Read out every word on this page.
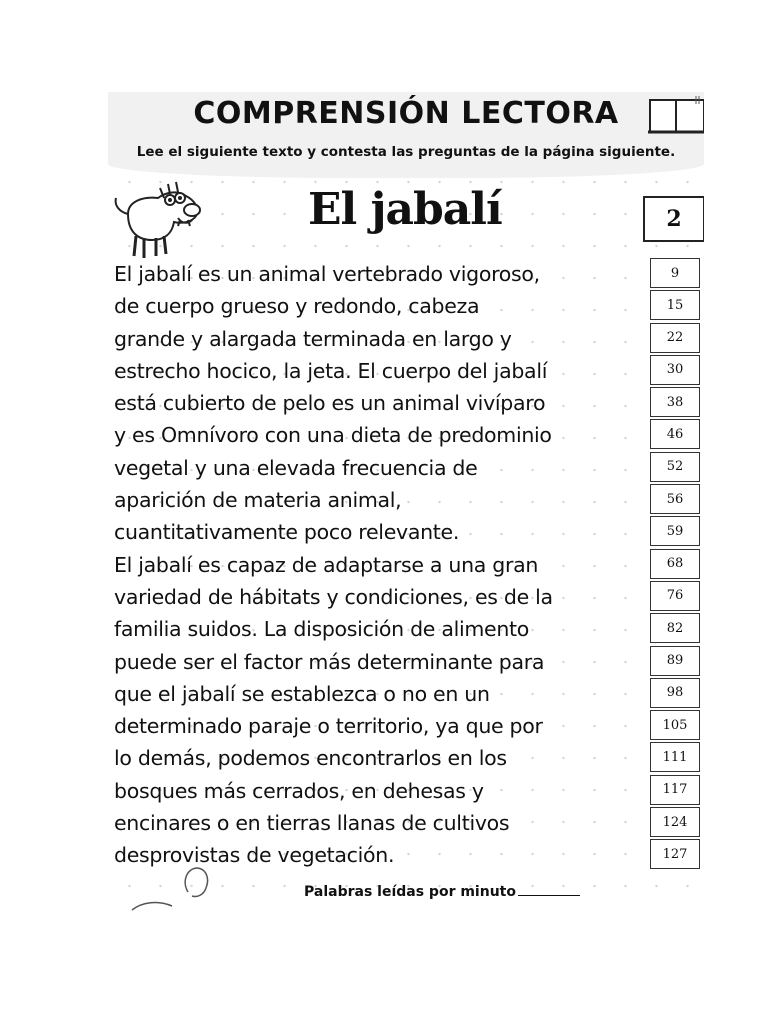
COMPRENSIÓN LECTORA
Lee el siguiente texto y contesta las preguntas de la página siguiente.
El jabalí	2
El jabalí es un animal vertebrado vigoroso,	9
de cuerpo grueso y redondo, cabeza	15
grande y alargada terminada en largo y	22
estrecho hocico, la jeta. El cuerpo del jabalí	30
está cubierto de pelo es un animal vivíparo	38
y es Omnívoro con una dieta de predominio	46
vegetal y una elevada frecuencia de	52
aparición de materia animal,	56
cuantitativamente poco relevante.	59
El jabalí es capaz de adaptarse a una gran	68
variedad de hábitats y condiciones, es de la	76
familia suidos. La disposición de alimento	82
puede ser el factor más determinante para	89
que el jabalí se establezca o no en un	98
determinado paraje o territorio, ya que por	105
lo demás, podemos encontrarlos en los	111
bosques más cerrados, en dehesas y	117
encinares o en tierras llanas de cultivos	124
desprovistas de vegetación.	127
Palabras leídas por minuto
